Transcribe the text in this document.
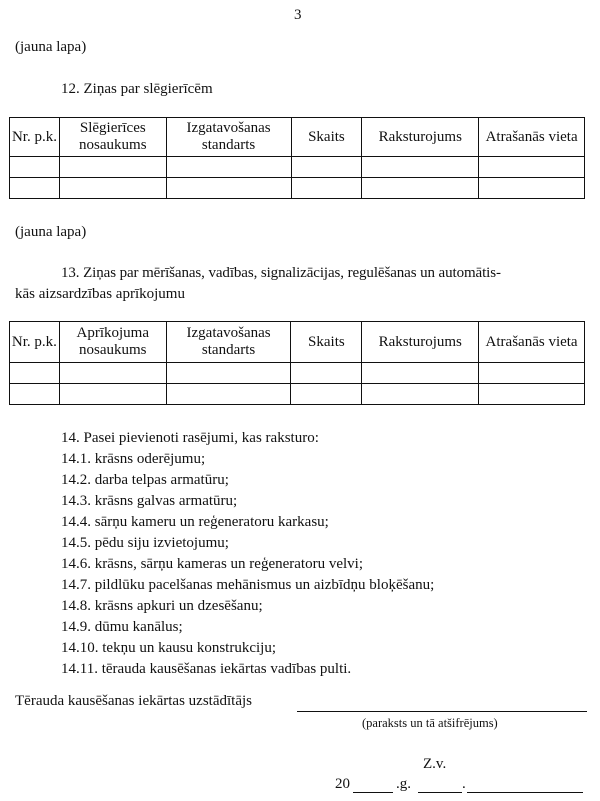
3
(jauna lapa)
12. Ziņas par slēgierīcēm
Nr. p.k.	Slēgierīces nosaukums	Izgatavošanas standarts	Skaits	Raksturojums	Atrašanās vieta

(jauna lapa)
13. Ziņas par mērīšanas, vadības, signalizācijas, regulēšanas un automātis-
kās aizsardzības aprīkojumu
Nr. p.k.	Aprīkojuma nosaukums	Izgatavošanas standarts	Skaits	Raksturojums	Atrašanās vieta

14. Pasei pievienoti rasējumi, kas raksturo:
14.1. krāsns oderējumu;
14.2. darba telpas armatūru;
14.3. krāsns galvas armatūru;
14.4. sārņu kameru un reģeneratoru karkasu;
14.5. pēdu siju izvietojumu;
14.6. krāsns, sārņu kameras un reģeneratoru velvi;
14.7. pildlūku pacelšanas mehānismus un aizbīdņu bloķēšanu;
14.8. krāsns apkuri un dzesēšanu;
14.9. dūmu kanālus;
14.10. tekņu un kausu konstrukciju;
14.11. tērauda kausēšanas iekārtas vadības pulti.
Tērauda kausēšanas iekārtas uzstādītājs
(paraksts un tā atšifrējums)
Z.v.
20	.g.	.
